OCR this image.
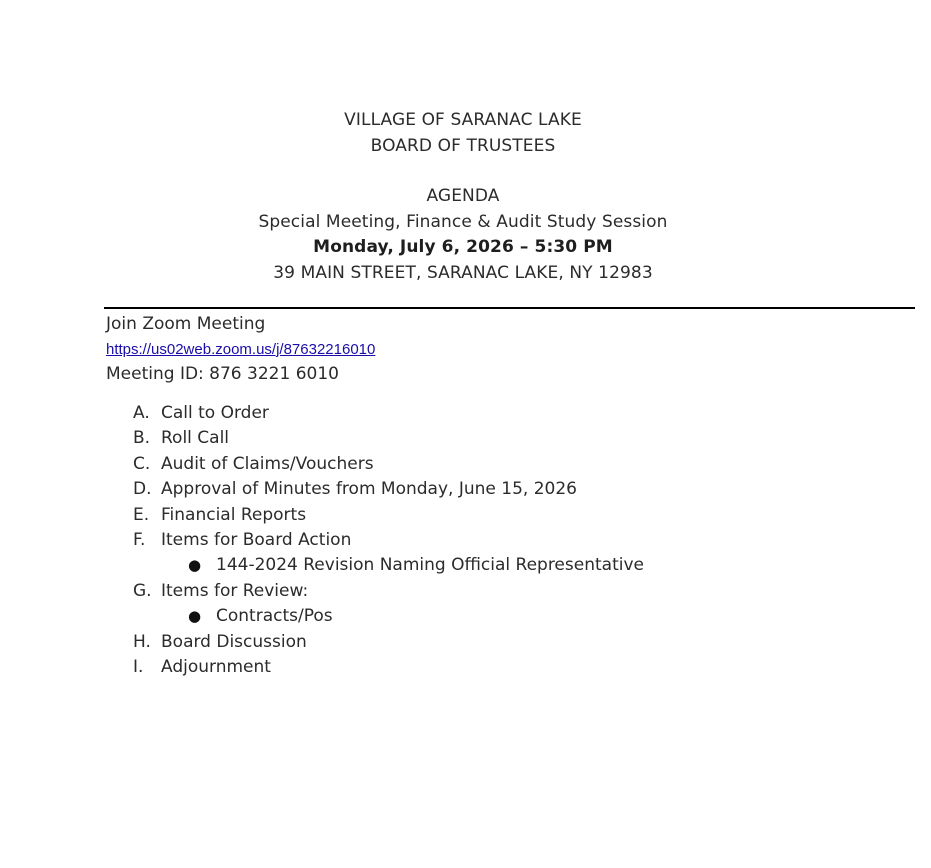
VILLAGE OF SARANAC LAKE
BOARD OF TRUSTEES
AGENDA
Special Meeting, Finance & Audit Study Session
Monday, July 6, 2026 – 5:30 PM
39 MAIN STREET, SARANAC LAKE, NY 12983
Join Zoom Meeting
https://us02web.zoom.us/j/87632216010
Meeting ID: 876 3221 6010
A. Call to Order
B. Roll Call
C. Audit of Claims/Vouchers
D. Approval of Minutes from Monday, June 15, 2026
E. Financial Reports
F. Items for Board Action
● 144-2024 Revision Naming Official Representative
G. Items for Review:
● Contracts/Pos
H. Board Discussion
I. Adjournment
